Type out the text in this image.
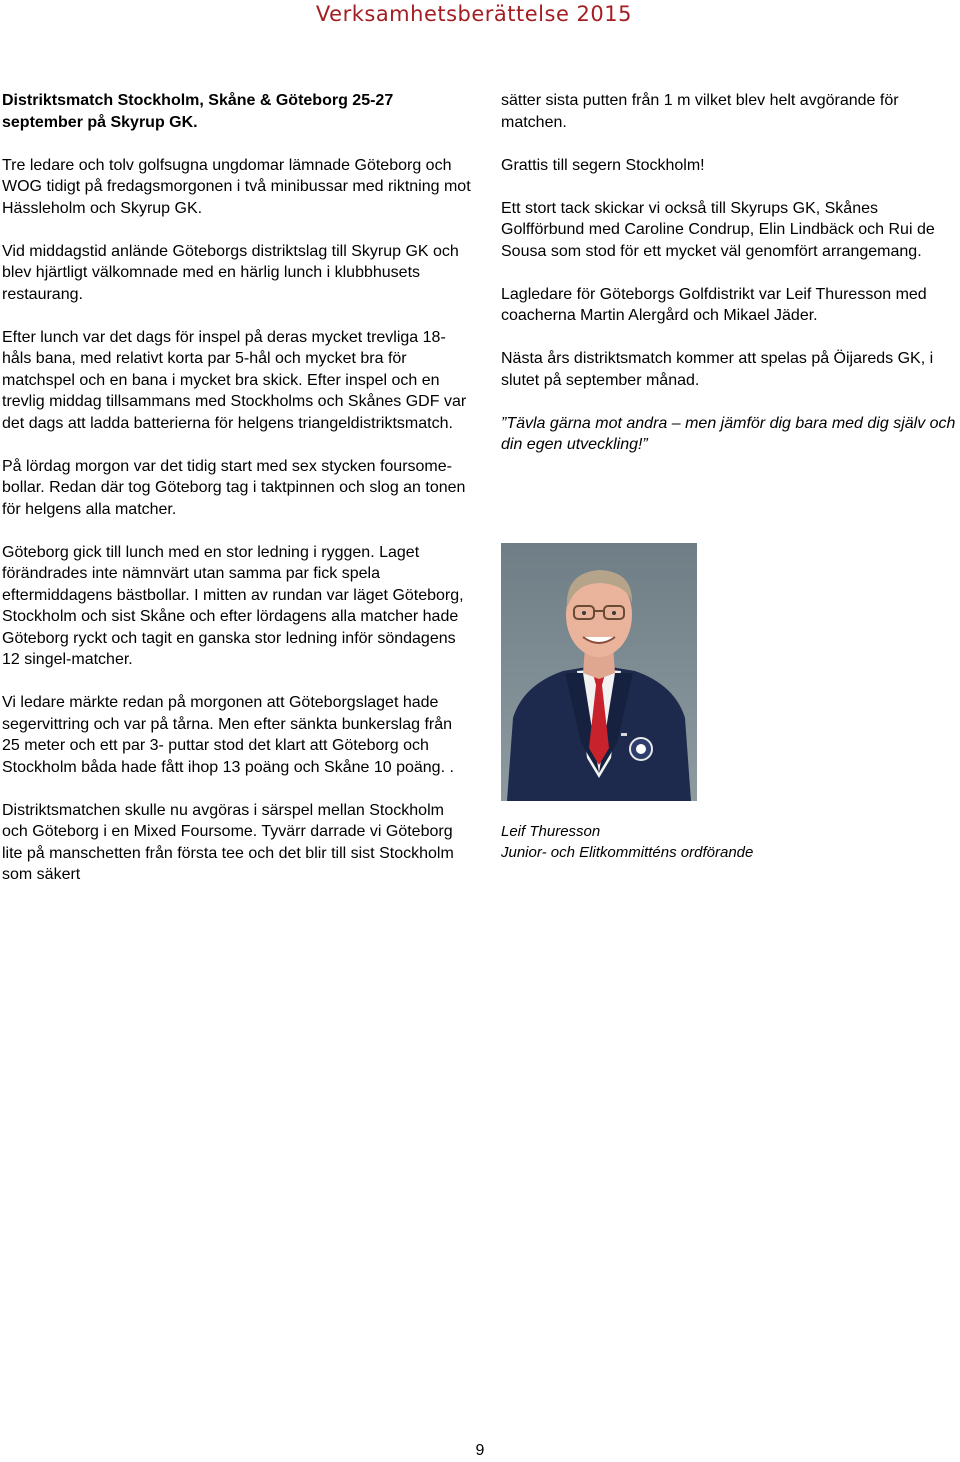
Verksamhetsberättelse 2015

Distriktsmatch Stockholm, Skåne & Göteborg 25-27 september på Skyrup GK.

Tre ledare och tolv golfsugna ungdomar lämnade Göteborg och WOG tidigt på fredagsmorgonen i två minibussar med riktning mot Hässleholm och Skyrup GK.

Vid middagstid anlände Göteborgs distriktslag till Skyrup GK och blev hjärtligt välkomnade med en härlig lunch i klubbhusets restaurang.

Efter lunch var det dags för inspel på deras mycket trevliga 18-håls bana, med relativt korta par 5-hål och mycket bra för matchspel och en bana i mycket bra skick. Efter inspel och en trevlig middag tillsammans med Stockholms och Skånes GDF var det dags att ladda batterierna för helgens triangeldistriktsmatch.

På lördag morgon var det tidig start med sex stycken foursome-bollar. Redan där tog Göteborg tag i taktpinnen och slog an tonen för helgens alla matcher.

Göteborg gick till lunch med en stor ledning i ryggen. Laget förändrades inte nämnvärt utan samma par fick spela eftermiddagens bästbollar. I mitten av rundan var läget Göteborg, Stockholm och sist Skåne och efter lördagens alla matcher hade Göteborg ryckt och tagit en ganska stor ledning inför söndagens 12 singel-matcher.

Vi ledare märkte redan på morgonen att Göteborgslaget hade segervittring och var på tårna. Men efter sänkta bunkerslag från 25 meter och ett par 3- puttar stod det klart att Göteborg och Stockholm båda hade fått ihop 13 poäng och Skåne 10 poäng. .

Distriktsmatchen skulle nu avgöras i särspel mellan Stockholm och Göteborg i en Mixed Foursome. Tyvärr darrade vi Göteborg lite på manschetten från första tee och det blir till sist Stockholm som säkert

sätter sista putten från 1 m vilket blev helt avgörande för matchen.

Grattis till segern Stockholm!

Ett stort tack skickar vi också till Skyrups GK, Skånes Golfförbund med Caroline Condrup, Elin Lindbäck och Rui de Sousa som stod för ett mycket väl genomfört arrangemang.

Lagledare för Göteborgs Golfdistrikt var Leif Thuresson med coacherna Martin Alergård och Mikael Jäder.

Nästa års distriktsmatch kommer att spelas på Öijareds GK, i slutet på september månad.

”Tävla gärna mot andra – men jämför dig bara med dig själv och din egen utveckling!”

Leif Thuresson
Junior- och Elitkommitténs ordförande
9
